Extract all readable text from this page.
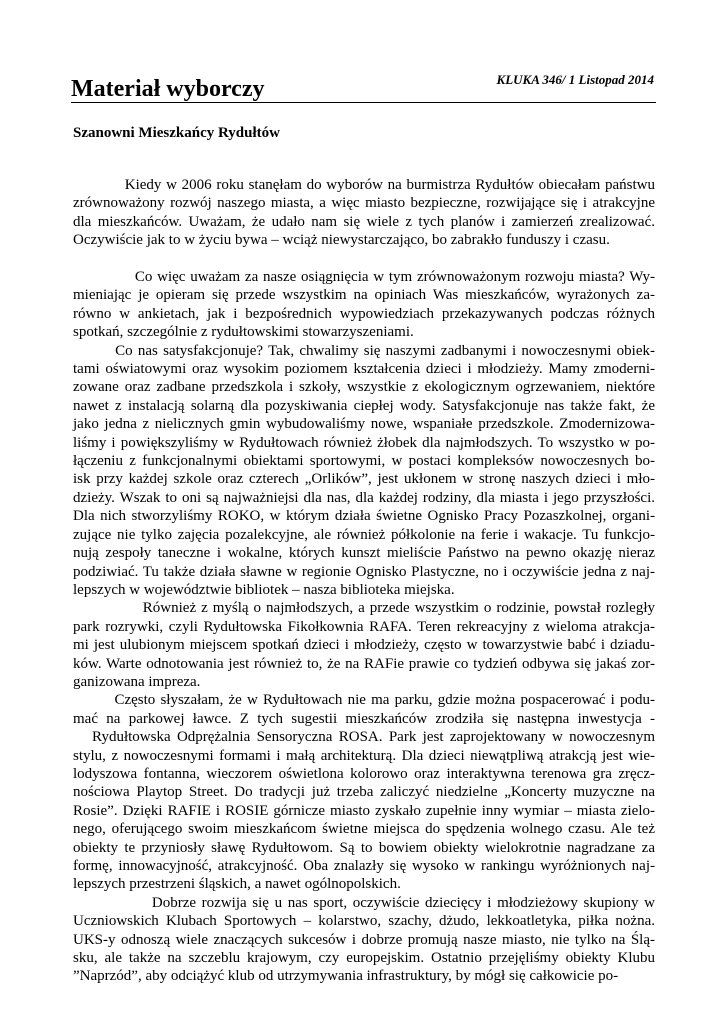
Materiał wyborczy	KLUKA 346/ 1 Listopad 2014
Szanowni Mieszkańcy Rydułtów
Kiedy w 2006 roku stanęłam do wyborów na burmistrza Rydułtów obiecałam państwu
zrównoważony rozwój naszego miasta, a więc miasto bezpieczne, rozwijające się i atrakcyjne
dla mieszkańców. Uważam, że udało nam się wiele z tych planów i zamierzeń zrealizować.
Oczywiście jak to w życiu bywa – wciąż niewystarczająco, bo zabrakło funduszy i czasu.
Co więc uważam za nasze osiągnięcia w tym zrównoważonym rozwoju miasta? Wy-
mieniając je opieram się przede wszystkim na opiniach Was mieszkańców, wyrażonych za-
równo w ankietach, jak i bezpośrednich wypowiedziach przekazywanych podczas różnych
spotkań, szczególnie z rydułtowskimi stowarzyszeniami.
Co nas satysfakcjonuje? Tak, chwalimy się naszymi zadbanymi i nowoczesnymi obiek-
tami oświatowymi oraz wysokim poziomem kształcenia dzieci i młodzieży. Mamy zmoderni-
zowane oraz zadbane przedszkola i szkoły, wszystkie z ekologicznym ogrzewaniem, niektóre
nawet z instalacją solarną dla pozyskiwania ciepłej wody. Satysfakcjonuje nas także fakt, że
jako jedna z nielicznych gmin wybudowaliśmy nowe, wspaniałe przedszkole. Zmodernizowa-
liśmy i powiększyliśmy w Rydułtowach również żłobek dla najmłodszych. To wszystko w po-
łączeniu z funkcjonalnymi obiektami sportowymi, w postaci kompleksów nowoczesnych bo-
isk przy każdej szkole oraz czterech „Orlików”, jest ukłonem w stronę naszych dzieci i mło-
dzieży. Wszak to oni są najważniejsi dla nas, dla każdej rodziny, dla miasta i jego przyszłości.
Dla nich stworzyliśmy ROKO, w którym działa świetne Ognisko Pracy Pozaszkolnej, organi-
zujące nie tylko zajęcia pozalekcyjne, ale również półkolonie na ferie i wakacje. Tu funkcjo-
nują zespoły taneczne i wokalne, których kunszt mieliście Państwo na pewno okazję nieraz
podziwiać. Tu także działa sławne w regionie Ognisko Plastyczne, no i oczywiście jedna z naj-
lepszych w województwie bibliotek – nasza biblioteka miejska.
Również z myślą o najmłodszych, a przede wszystkim o rodzinie, powstał rozległy
park rozrywki, czyli Rydułtowska Fikołkownia RAFA. Teren rekreacyjny z wieloma atrakcja-
mi jest ulubionym miejscem spotkań dzieci i młodzieży, często w towarzystwie babć i dziadu-
ków. Warte odnotowania jest również to, że na RAFie prawie co tydzień odbywa się jakaś zor-
ganizowana impreza.
Często słyszałam, że w Rydułtowach nie ma parku, gdzie można pospacerować i podu-
mać na parkowej ławce. Z tych sugestii mieszkańców zrodziła się następna inwestycja -
Rydułtowska Odprężalnia Sensoryczna ROSA. Park jest zaprojektowany w nowoczesnym
stylu, z nowoczesnymi formami i małą architekturą. Dla dzieci niewątpliwą atrakcją jest wie-
lodyszowa fontanna, wieczorem oświetlona kolorowo oraz interaktywna terenowa gra zręcz-
nościowa Playtop Street. Do tradycji już trzeba zaliczyć niedzielne „Koncerty muzyczne na
Rosie”. Dzięki RAFIE i ROSIE górnicze miasto zyskało zupełnie inny wymiar – miasta zielo-
nego, oferującego swoim mieszkańcom świetne miejsca do spędzenia wolnego czasu. Ale też
obiekty te przyniosły sławę Rydułtowom. Są to bowiem obiekty wielokrotnie nagradzane za
formę, innowacyjność, atrakcyjność. Oba znalazły się wysoko w rankingu wyróżnionych naj-
lepszych przestrzeni śląskich, a nawet ogólnopolskich.
Dobrze rozwija się u nas sport, oczywiście dziecięcy i młodzieżowy skupiony w
Uczniowskich Klubach Sportowych – kolarstwo, szachy, dżudo, lekkoatletyka, piłka nożna.
UKS-y odnoszą wiele znaczących sukcesów i dobrze promują nasze miasto, nie tylko na Ślą-
sku, ale także na szczeblu krajowym, czy europejskim. Ostatnio przejęliśmy obiekty Klubu
”Naprzód”, aby odciążyć klub od utrzymywania infrastruktury, by mógł się całkowicie po-
